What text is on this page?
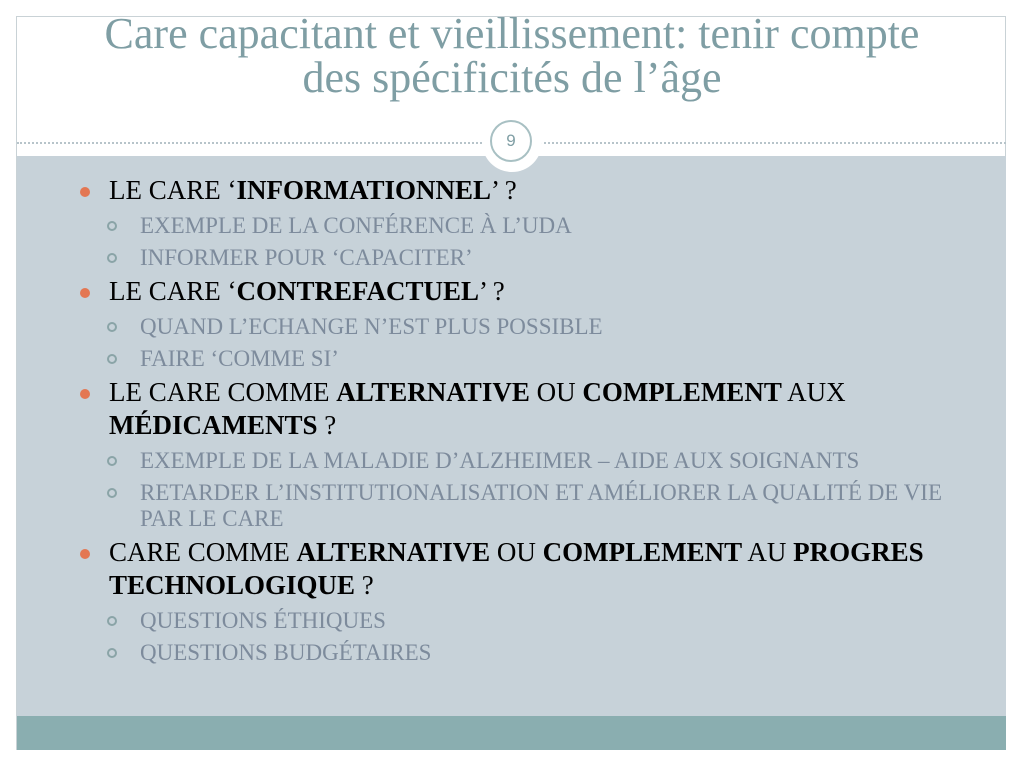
Care capacitant et vieillissement: tenir compte
des spécificités de l’âge
9
LE CARE ‘INFORMATIONNEL’ ?
EXEMPLE DE LA CONFÉRENCE À L’UDA
INFORMER POUR ‘CAPACITER’
LE CARE ‘CONTREFACTUEL’ ?
QUAND L’ECHANGE N’EST PLUS POSSIBLE
FAIRE ‘COMME SI’
LE CARE COMME ALTERNATIVE OU COMPLEMENT AUX MÉDICAMENTS ?
EXEMPLE DE LA MALADIE D’ALZHEIMER – AIDE AUX SOIGNANTS
RETARDER L’INSTITUTIONALISATION ET AMÉLIORER LA QUALITÉ DE VIE PAR LE CARE
CARE COMME ALTERNATIVE OU COMPLEMENT AU PROGRES TECHNOLOGIQUE ?
QUESTIONS ÉTHIQUES
QUESTIONS BUDGÉTAIRES
